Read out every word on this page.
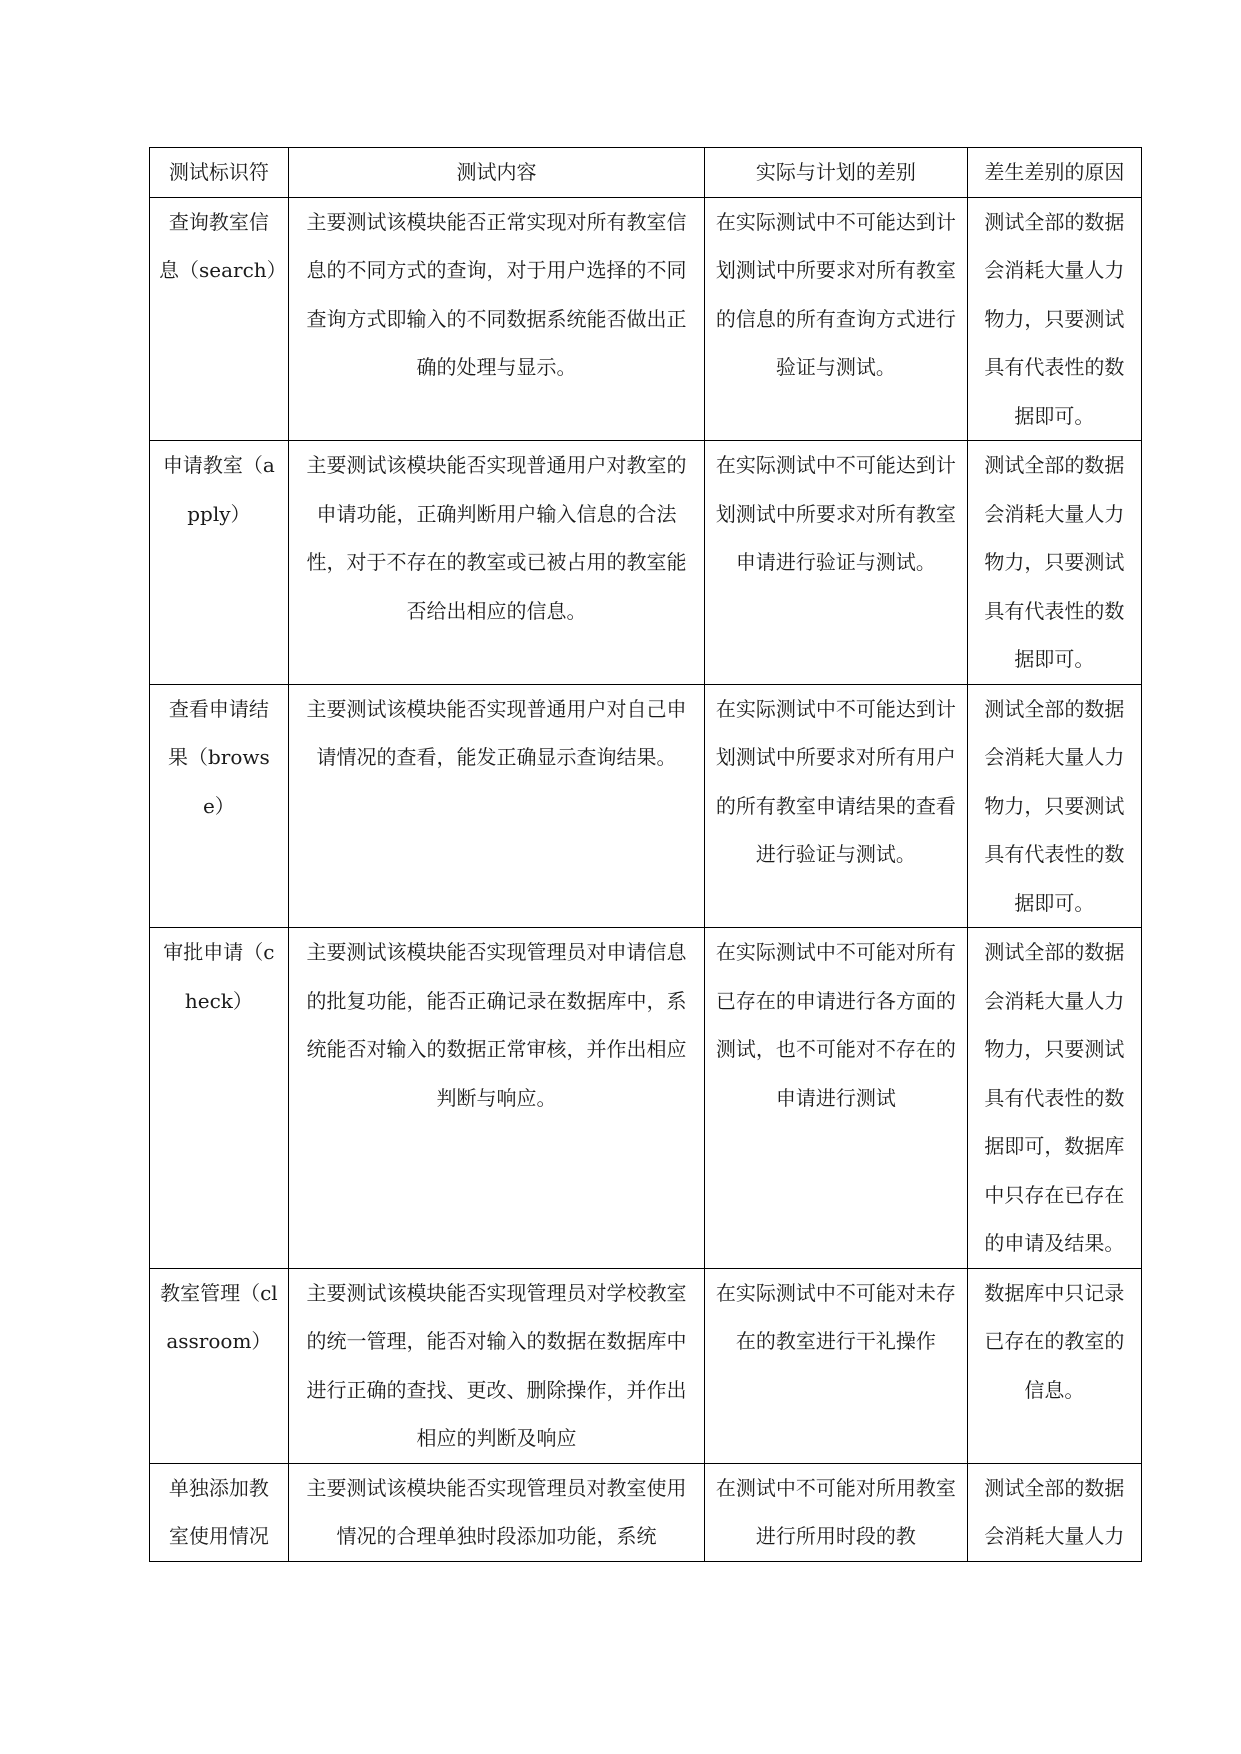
测试标识符	测试内容	实际与计划的差别	差生差别的原因
查询教室信息（search）	主要测试该模块能否正常实现对所有教室信息的不同方式的查询，对于用户选择的不同查询方式即输入的不同数据系统能否做出正确的处理与显示。	在实际测试中不可能达到计划测试中所要求对所有教室的信息的所有查询方式进行验证与测试。	测试全部的数据会消耗大量人力物力，只要测试具有代表性的数据即可。
申请教室（apply）	主要测试该模块能否实现普通用户对教室的申请功能，正确判断用户输入信息的合法性，对于不存在的教室或已被占用的教室能否给出相应的信息。	在实际测试中不可能达到计划测试中所要求对所有教室申请进行验证与测试。	测试全部的数据会消耗大量人力物力，只要测试具有代表性的数据即可。
查看申请结果（browse）	主要测试该模块能否实现普通用户对自己申请情况的查看，能发正确显示查询结果。	在实际测试中不可能达到计划测试中所要求对所有用户的所有教室申请结果的查看进行验证与测试。	测试全部的数据会消耗大量人力物力，只要测试具有代表性的数据即可。
审批申请（check）	主要测试该模块能否实现管理员对申请信息的批复功能，能否正确记录在数据库中，系统能否对输入的数据正常审核，并作出相应判断与响应。	在实际测试中不可能对所有已存在的申请进行各方面的测试，也不可能对不存在的申请进行测试	测试全部的数据会消耗大量人力物力，只要测试具有代表性的数据即可，数据库中只存在已存在的申请及结果。
教室管理（classroom）	主要测试该模块能否实现管理员对学校教室的统一管理，能否对输入的数据在数据库中进行正确的查找、更改、删除操作，并作出相应的判断及响应	在实际测试中不可能对未存在的教室进行干礼操作	数据库中只记录已存在的教室的信息。
单独添加教室使用情况	主要测试该模块能否实现管理员对教室使用情况的合理单独时段添加功能，系统	在测试中不可能对所用教室进行所用时段的教	测试全部的数据会消耗大量人力
